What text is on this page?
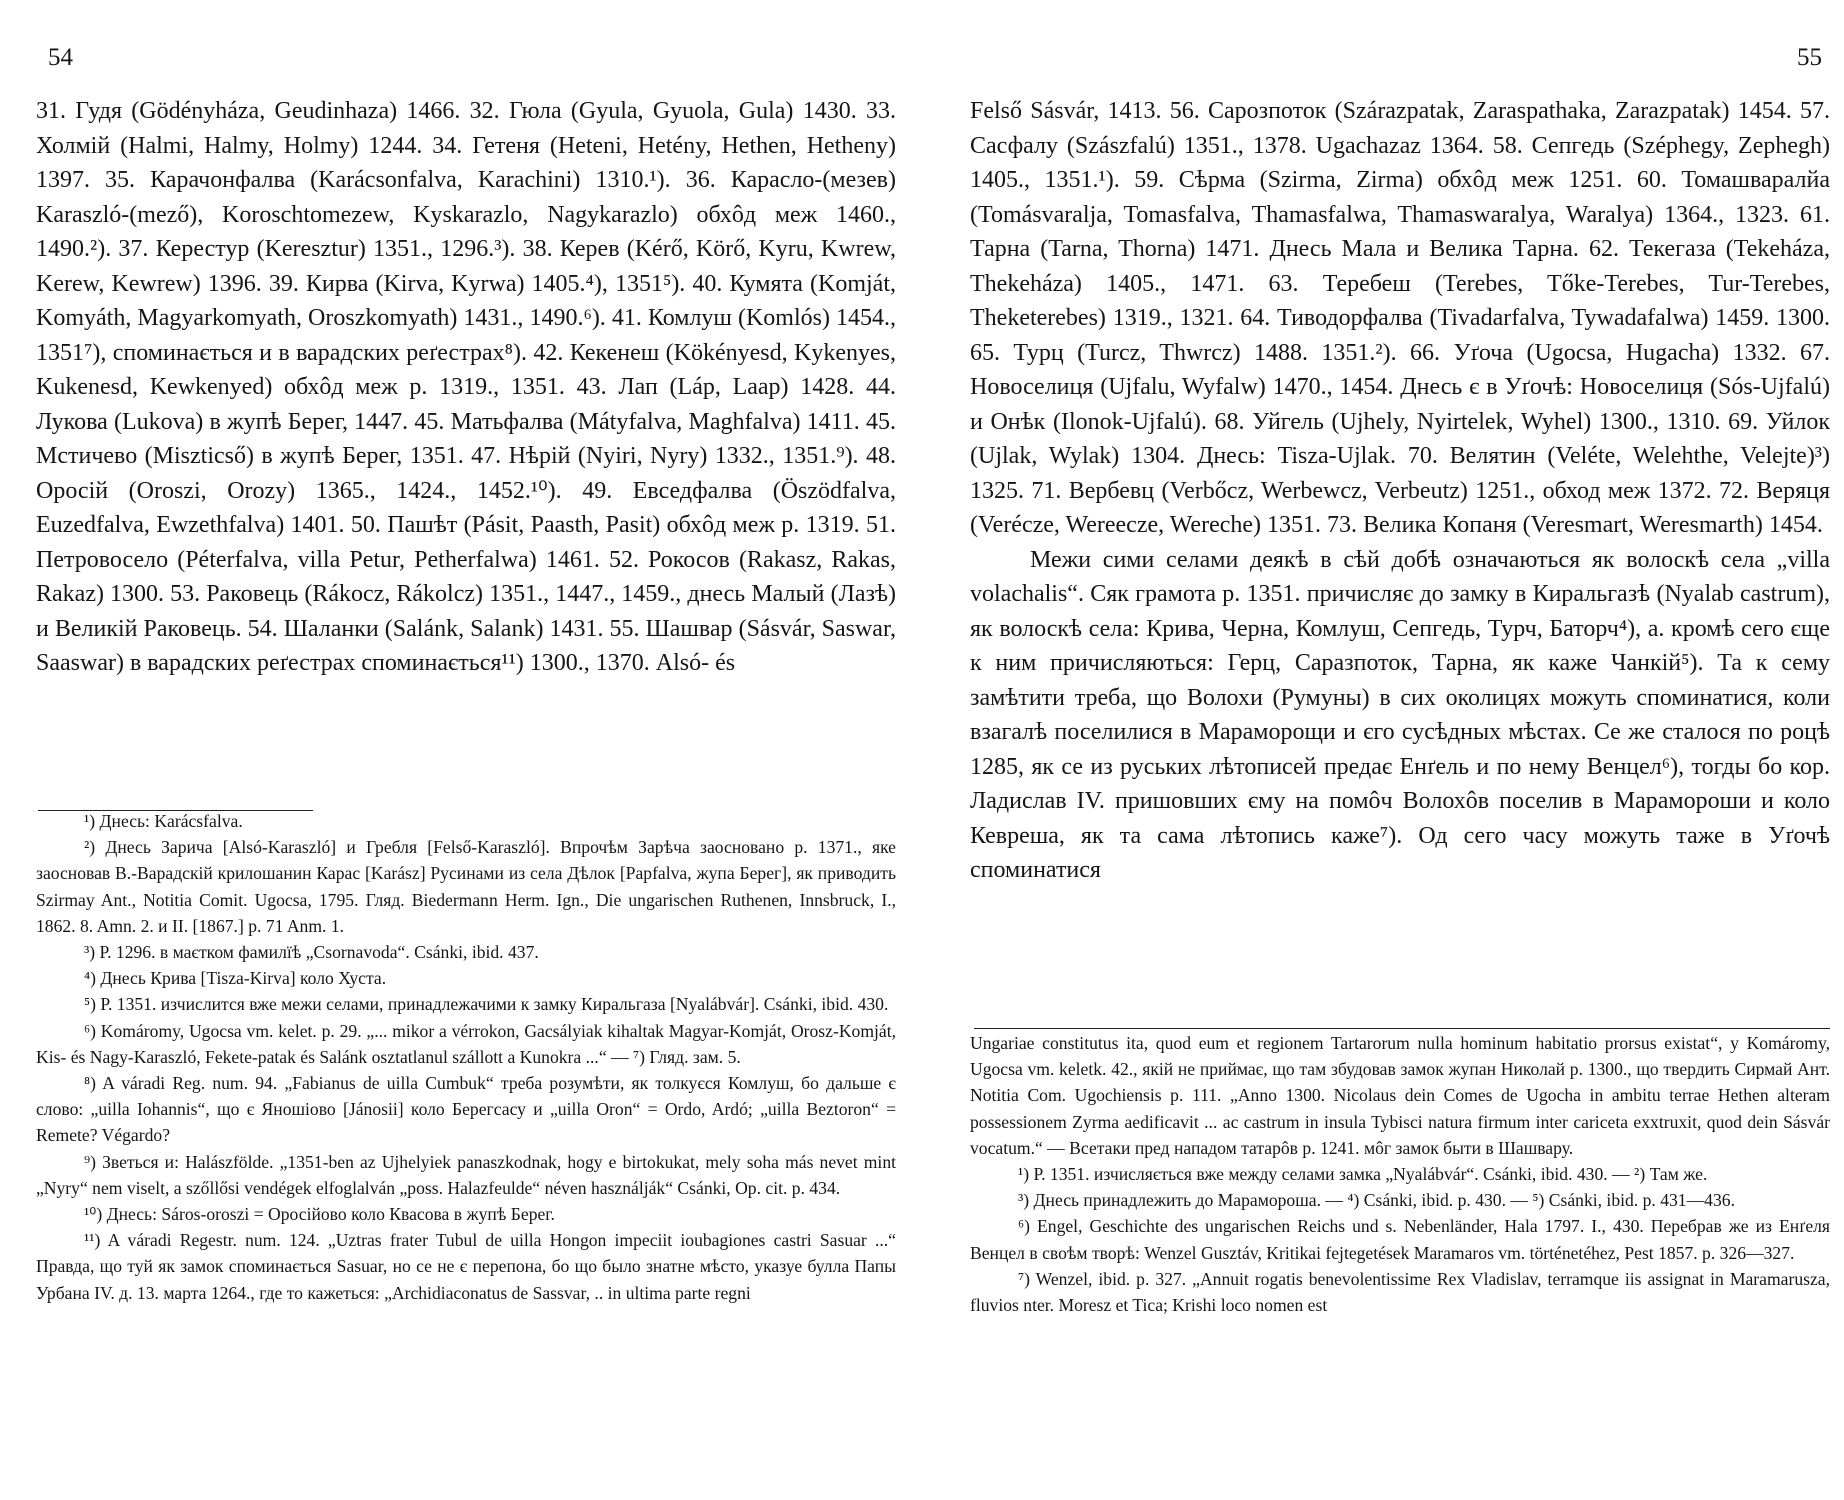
54

31. Гудя (Gödényháza, Geudinhaza) 1466. 32. Гюла (Gyula, Gyuola, Gula) 1430. 33. Холмій (Halmi, Halmy, Holmy) 1244. 34. Гетеня (Heteni, Hetény, Hethen, Hetheny) 1397. 35. Карачонфалва (Karácsonfalva, Karachini) 1310.¹). 36. Карасло-(мезев) Karaszló-(mező), Koroschtomezew, Kyskarazlo, Nagykarazlo) обхôд меж 1460., 1490.²). 37. Керестур (Keresztur) 1351., 1296.³). 38. Керев (Kérő, Körő, Kyru, Kwrew, Kerew, Kewrew) 1396. 39. Кирва (Kirva, Kyrwa) 1405.⁴), 1351⁵). 40. Кумята (Komját, Komyáth, Magyarkomyath, Oroszkomyath) 1431., 1490.⁶). 41. Комлуш (Komlós) 1454., 1351⁷), споминається и в варадских реґестрах⁸). 42. Кекенеш (Kökényesd, Kykenyes, Kukenesd, Kewkenyed) обхôд меж р. 1319., 1351. 43. Лап (Láp, Laap) 1428. 44. Лукова (Lukova) в жупѣ Берег, 1447. 45. Матьфалва (Mátyfalva, Maghfalva) 1411. 45. Мстичево (Miszticső) в жупѣ Берег, 1351. 47. Нѣрій (Nyiri, Nyry) 1332., 1351.⁹). 48. Оросій (Oroszi, Orozy) 1365., 1424., 1452.¹⁰). 49. Евседфалва (Öszödfalva, Euzedfalva, Ewzethfalva) 1401. 50. Пашѣт (Pásit, Paasth, Pasit) обхôд меж р. 1319. 51. Петровосело (Péterfalva, villa Petur, Petherfalwa) 1461. 52. Рокосов (Rakasz, Rakas, Rakaz) 1300. 53. Раковець (Rákocz, Rákolcz) 1351., 1447., 1459., днесь Малый (Лазѣ) и Великій Раковець. 54. Шаланки (Salánk, Salank) 1431. 55. Шашвар (Sásvár, Saswar, Saaswar) в варадских реґестрах споминається¹¹) 1300., 1370. Alsó- és

¹) Днесь: Karácsfalva.

²) Днесь Зарича [Alsó-Karaszló] и Гребля [Felső-Karaszló]. Впрочѣм Зарѣча заосновано р. 1371., яке заосновав В.-Варадскій крилошанин Карас [Karász] Русинами из села Дѣлок [Papfalva, жупа Берег], як приводить Szirmay Ant., Notitia Comit. Ugocsa, 1795. Гляд. Biedermann Herm. Ign., Die ungarischen Ruthenen, Innsbruck, I., 1862. 8. Amn. 2. и II. [1867.] p. 71 Anm. 1.

³) Р. 1296. в маєтком фамилїѣ „Csornavoda“. Csánki, ibid. 437.

⁴) Днесь Крива [Tisza-Kirva] коло Хуста.

⁵) Р. 1351. изчислится вже межи селами, принадлежачими к замку Киральгаза [Nyalábvár]. Csánki, ibid. 430.

⁶) Komáromy, Ugocsa vm. kelet. p. 29. „... mikor a vérrokon, Gacsályiak kihaltak Magyar-Komját, Orosz-Komját, Kis- és Nagy-Karaszló, Fekete-patak és Salánk osztatlanul szállott a Kunokra ...“ — ⁷) Гляд. зам. 5.

⁸) A váradi Reg. num. 94. „Fabianus de uilla Cumbuk“ треба розумѣти, як толкуєся Комлуш, бо дальше є слово: „uilla Iohannis“, що є Яношіово [Jánosii] коло Берегсасу и „uilla Oron“ = Ordo, Ardó; „uilla Beztoron“ = Remete? Végardo?

⁹) Зветься и: Halászfölde. „1351-ben az Ujhelyiek panaszkodnak, hogy e birtokukat, mely soha más nevet mint „Nyry“ nem viselt, a szőllősi vendégek elfoglalván „poss. Halazfeulde“ néven használják“ Csánki, Op. cit. p. 434.

¹⁰) Днесь: Sáros-oroszi = Оросійово коло Квасова в жупѣ Берег.

¹¹) A váradi Regestr. num. 124. „Uztras frater Tubul de uilla Hongon impeciit ioubagiones castri Sasuar ...“ Правда, що туй як замок споминається Sasuar, но се не є перепона, бо що было знатне мѣсто, указуе булла Папы Урбана IV. д. 13. марта 1264., где то кажеться: „Archidiaconatus de Sassvar, .. in ultima parte regni

55

Felső Sásvár, 1413. 56. Сарозпоток (Szárazpatak, Zaraspathaka, Zarazpatak) 1454. 57. Сасфалу (Szászfalú) 1351., 1378. Ugachazaz 1364. 58. Сепгедь (Széphegy, Zephegh) 1405., 1351.¹). 59. Сѣрма (Szirma, Zirma) обхôд меж 1251. 60. Томашваралйа (Tomásvaralja, Tomasfalva, Thamasfalwa, Thamaswaralya, Waralya) 1364., 1323. 61. Тарна (Tarna, Thorna) 1471. Днесь Мала и Велика Тарна. 62. Текегаза (Tekeháza, Thekeháza) 1405., 1471. 63. Теребеш (Terebes, Tőke-Terebes, Tur-Terebes, Theketerebes) 1319., 1321. 64. Тиводорфалва (Tivadarfalva, Tywadafalwa) 1459. 1300. 65. Турц (Turcz, Thwrcz) 1488. 1351.²). 66. Уґоча (Ugocsa, Hugacha) 1332. 67. Новоселиця (Ujfalu, Wyfalw) 1470., 1454. Днесь є в Уґочѣ: Новоселиця (Sós-Ujfalú) и Онѣк (Ilonok-Ujfalú). 68. Уйгель (Ujhely, Nyirtelek, Wyhel) 1300., 1310. 69. Уйлок (Ujlak, Wylak) 1304. Днесь: Tisza-Ujlak. 70. Велятин (Veléte, Welehthe, Velejte)³) 1325. 71. Вербевц (Verbőcz, Werbewcz, Verbeutz) 1251., обход меж 1372. 72. Веряця (Verécze, Wereecze, Wereche) 1351. 73. Велика Копаня (Veresmart, Weresmarth) 1454.

Межи сими селами деякѣ в сѣй добѣ означаються як волоскѣ села „villa volachalis“. Сяк грамота р. 1351. причисляє до замку в Киральгазѣ (Nyalab castrum), як волоскѣ села: Крива, Черна, Комлуш, Сепгедь, Турч, Баторч⁴), а. кромѣ сего єще к ним причисляються: Герц, Саразпоток, Тарна, як каже Чанкій⁵). Та к сему замѣтити треба, що Волохи (Румуны) в сих околицях можуть споминатися, коли взагалѣ поселилися в Мараморощи и єго сусѣдных мѣстах. Се же сталося по роцѣ 1285, як се из руських лѣтописей предає Енґель и по нему Венцел⁶), тогды бо кор. Ладислав IV. пришовших єму на помôч Волохôв поселив в Марамороши и коло Кевреша, як та сама лѣтопись каже⁷). Од сего часу можуть таже в Уґочѣ споминатися

Ungariae constitutus ita, quod eum et regionem Tartarorum nulla hominum habitatio prorsus existat“, у Komáromy, Ugocsa vm. keletk. 42., якій не приймає, що там збудовав замок жупан Николай р. 1300., що твердить Сирмай Ант. Notitia Com. Ugochiensis p. 111. „Anno 1300. Nicolaus dein Comes de Ugocha in ambitu terrae Hethen alteram possessionem Zyrma aedificavit ... ac castrum in insula Tybisci natura firmum inter cariceta exxtruxit, quod dein Sásvár vocatum.“ — Всетаки пред нападом татарôв р. 1241. мôг замок быти в Шашвару.

¹) Р. 1351. изчисляється вже между селами замка „Nyalábvár“. Csánki, ibid. 430. — ²) Там же.

³) Днесь принадлежить до Марамороша. — ⁴) Csánki, ibid. p. 430. — ⁵) Csánki, ibid. p. 431—436.

⁶) Engel, Geschichte des ungarischen Reichs und s. Nebenländer, Hala 1797. I., 430. Перебрав же из Енґеля Венцел в своѣм творѣ: Wenzel Gusztáv, Kritikai fejtegetések Maramaros vm. történetéhez, Pest 1857. p. 326—327.

⁷) Wenzel, ibid. p. 327. „Annuit rogatis benevolentissime Rex Vladislav, terramque iis assignat in Maramarusza, fluvios nter. Moresz et Tica; Krishi loco nomen est
